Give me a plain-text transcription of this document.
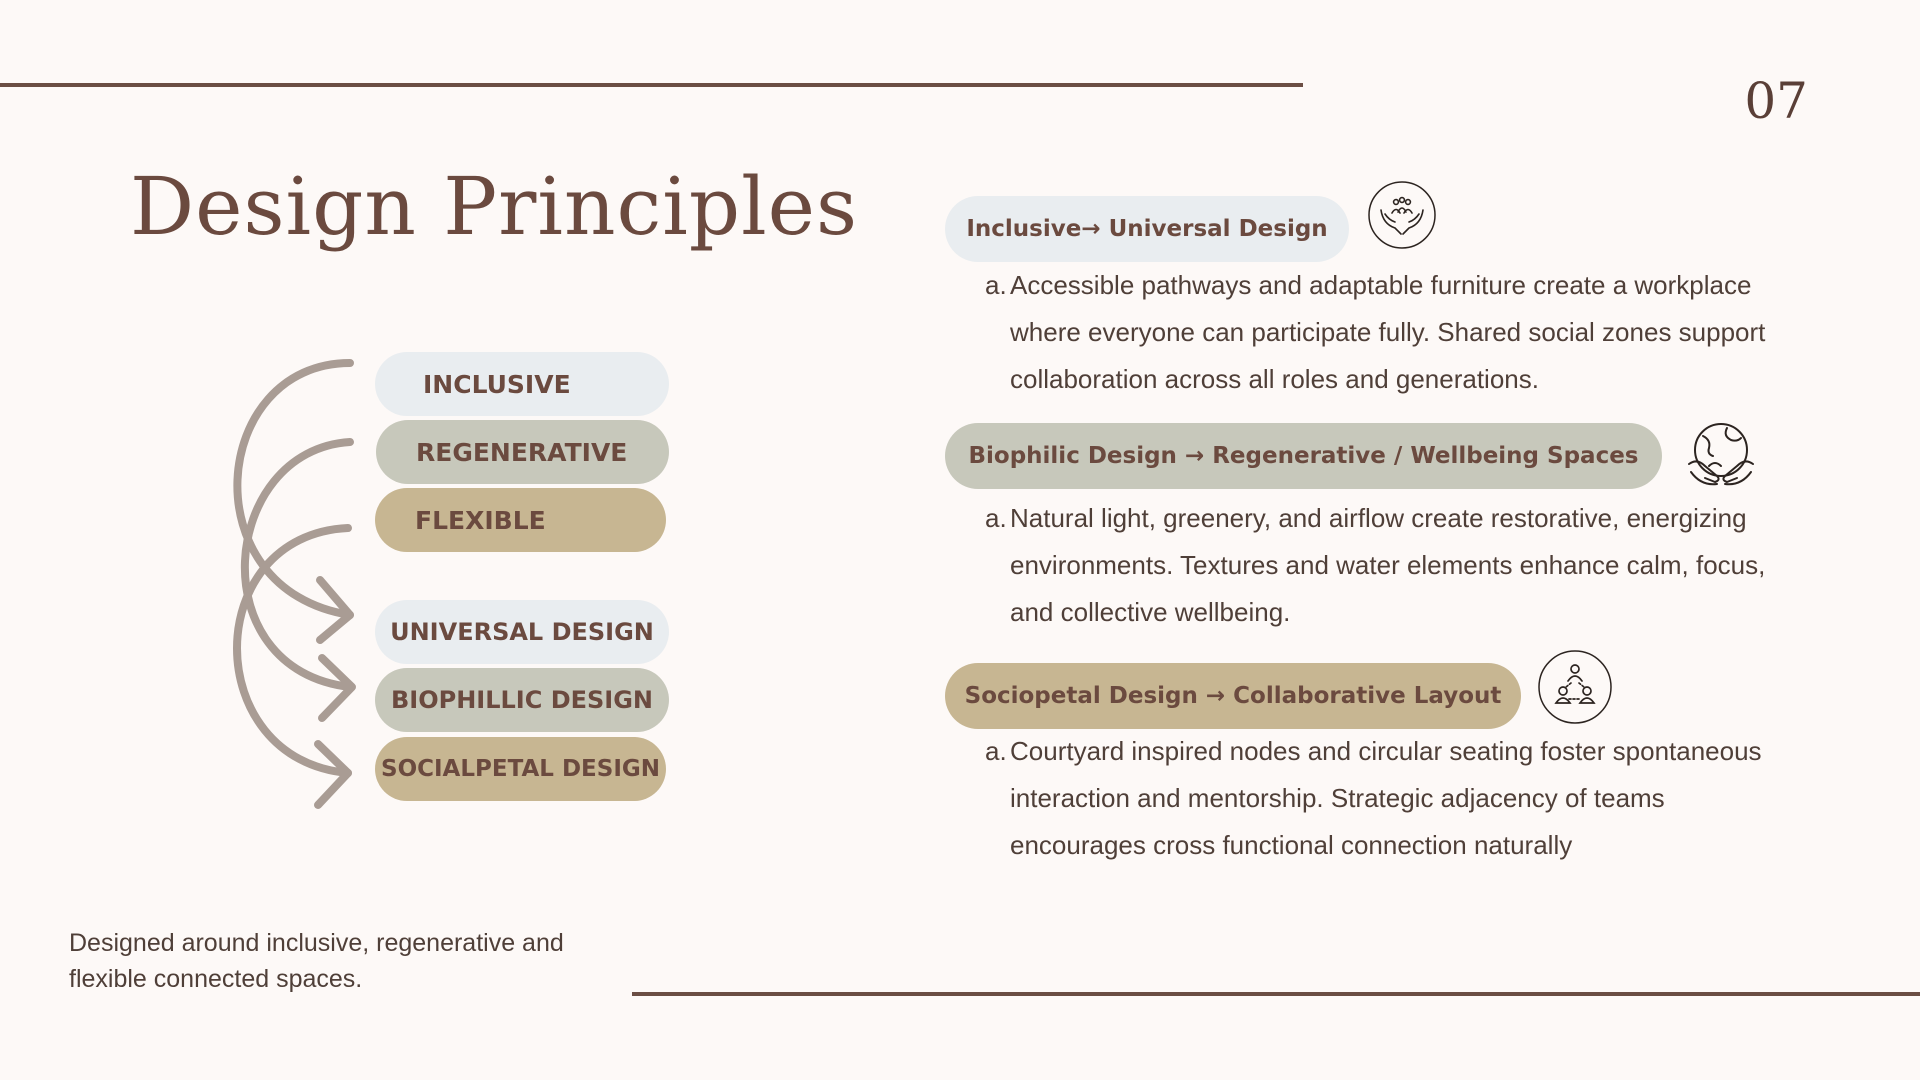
07
Design Principles
INCLUSIVE
REGENERATIVE
FLEXIBLE
UNIVERSAL DESIGN
BIOPHILLIC DESIGN
SOCIALPETAL DESIGN
Designed around inclusive, regenerative and flexible connected spaces.
Inclusive→ Universal Design
a. Accessible pathways and adaptable furniture create a workplace where everyone can participate fully. Shared social zones support collaboration across all roles and generations.
Biophilic Design → Regenerative / Wellbeing Spaces
a. Natural light, greenery, and airflow create restorative, energizing environments. Textures and water elements enhance calm, focus, and collective wellbeing.
Sociopetal Design → Collaborative Layout
a. Courtyard inspired nodes and circular seating foster spontaneous interaction and mentorship. Strategic adjacency of teams encourages cross functional connection naturally
